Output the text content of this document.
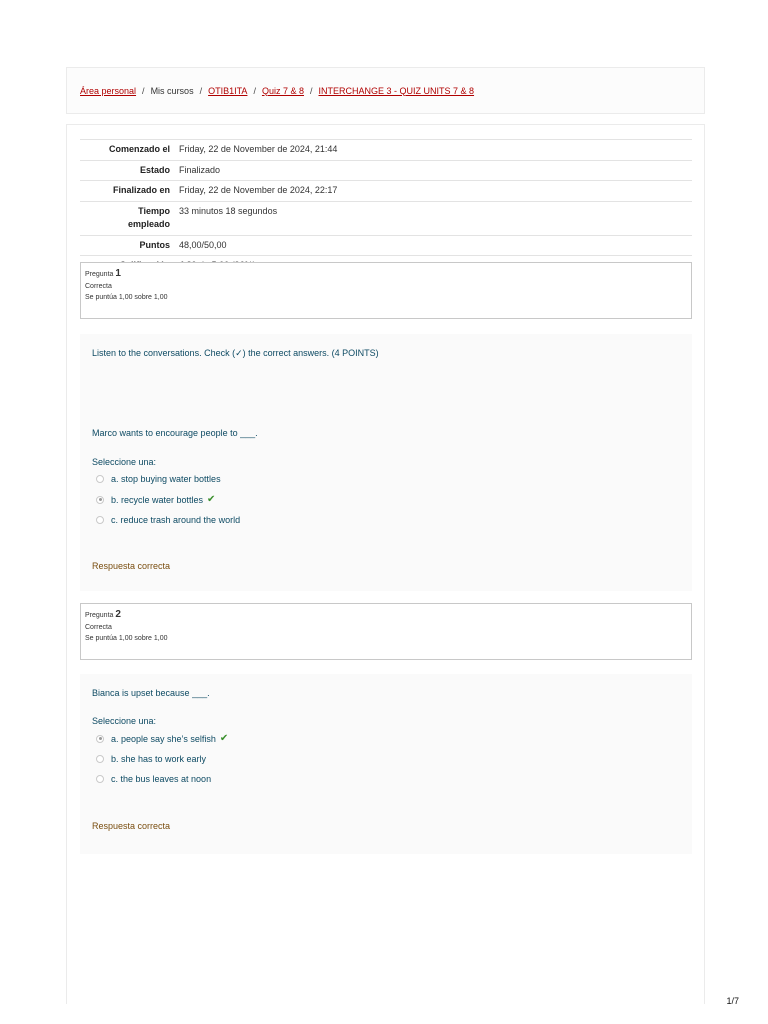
Área personal / Mis cursos / OTIB1ITA / Quiz 7 & 8 / INTERCHANGE 3 - QUIZ UNITS 7 & 8
Comenzado el	Friday, 22 de November de 2024, 21:44
Estado	Finalizado
Finalizado en	Friday, 22 de November de 2024, 22:17
Tiempo
empleado	33 minutos 18 segundos
Puntos	48,00/50,00

Pregunta 1
Correcta
Se puntúa 1,00 sobre 1,00
Listen to the conversations. Check (✓) the correct answers. (4 POINTS)
Marco wants to encourage people to ___.
Seleccione una:
a. stop buying water bottles
b. recycle water bottles ✔
c. reduce trash around the world
Respuesta correcta
Pregunta 2
Correcta
Se puntúa 1,00 sobre 1,00
Bianca is upset because ___.
Seleccione una:
a. people say she’s selfish ✔
b. she has to work early
c. the bus leaves at noon
Respuesta correcta
1/7
